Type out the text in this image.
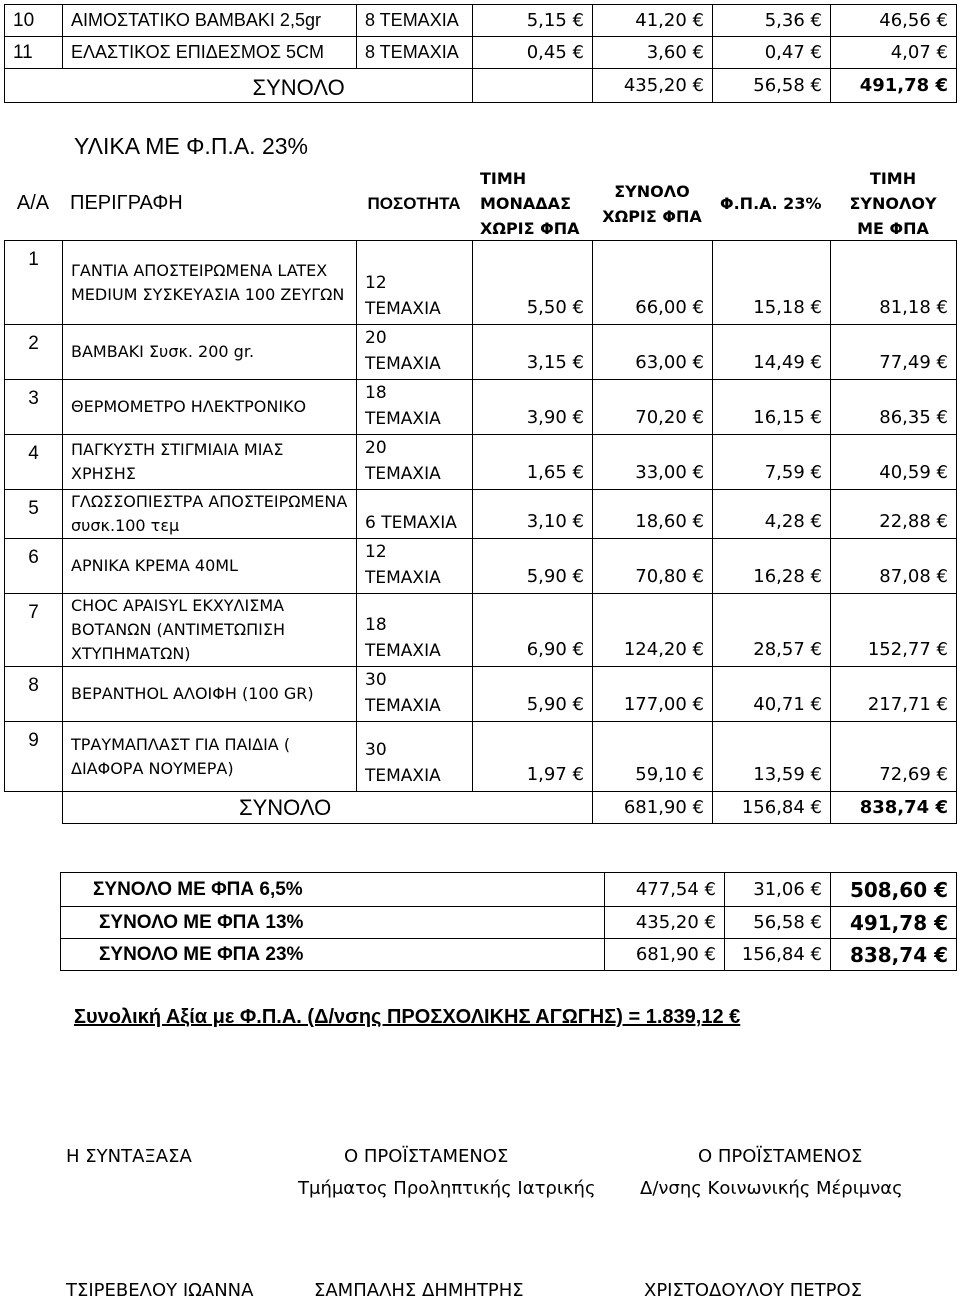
10	ΑΙΜΟΣΤΑΤΙΚΟ ΒΑΜΒΑΚΙ 2,5gr	8 ΤΕΜΑΧΙΑ	5,15 €	41,20 €	5,36 €	46,56 €
11	ΕΛΑΣΤΙΚΟΣ ΕΠΙΔΕΣΜΟΣ 5CM	8 ΤΕΜΑΧΙΑ	0,45 €	3,60 €	0,47 €	4,07 €

		ΣΥΝΟΛΟ		435,20 €	56,58 €	491,78 €
ΥΛΙΚΑ ΜΕ Φ.Π.Α. 23%
Α/Α	ΠΕΡΙΓΡΑΦΗ	ΠΟΣΟΤΗΤΑ	ΤΙΜΗ ΜΟΝΑΔΑΣ ΧΩΡΙΣ ΦΠΑ	ΣΥΝΟΛΟ ΧΩΡΙΣ ΦΠΑ	Φ.Π.Α. 23%	ΤΙΜΗ ΣΥΝΟΛΟΥ ΜΕ ΦΠΑ
1	ΓΑΝΤΙΑ ΑΠΟΣΤΕΙΡΩΜΕΝΑ LATEX MEDIUM ΣΥΣΚΕΥΑΣΙΑ 100 ΖΕΥΓΩΝ	12 ΤΕΜΑΧΙΑ	5,50 €	66,00 €	15,18 €	81,18 €
2	ΒΑΜΒΑΚΙ Συσκ. 200 gr.	20 ΤΕΜΑΧΙΑ	3,15 €	63,00 €	14,49 €	77,49 €
3	ΘΕΡΜΟΜΕΤΡΟ ΗΛΕΚΤΡΟΝΙΚΟ	18 ΤΕΜΑΧΙΑ	3,90 €	70,20 €	16,15 €	86,35 €
4	ΠΑΓΚΥΣΤΗ ΣΤΙΓΜΙΑΙΑ ΜΙΑΣ ΧΡΗΣΗΣ	20 ΤΕΜΑΧΙΑ	1,65 €	33,00 €	7,59 €	40,59 €
5	ΓΛΩΣΣΟΠΙΕΣΤΡΑ ΑΠΟΣΤΕΙΡΩΜΕΝΑ συσκ.100 τεμ	6 ΤΕΜΑΧΙΑ	3,10 €	18,60 €	4,28 €	22,88 €
6	ΑΡΝΙΚΑ ΚΡΕΜΑ 40ML	12 ΤΕΜΑΧΙΑ	5,90 €	70,80 €	16,28 €	87,08 €
7	CHOC APAISYL ΕΚΧΥΛΙΣΜΑ ΒΟΤΑΝΩΝ (ΑΝΤΙΜΕΤΩΠΙΣΗ ΧΤΥΠΗΜΑΤΩΝ)	18 ΤΕΜΑΧΙΑ	6,90 €	124,20 €	28,57 €	152,77 €
8	ΒΕΡΑΝΤHOL ΑΛΟΙΦΗ (100 GR)	30 ΤΕΜΑΧΙΑ	5,90 €	177,00 €	40,71 €	217,71 €
9	ΤΡΑΥΜΑΠΛΑΣΤ ΓΙΑ ΠΑΙΔΙΑ ( ΔΙΑΦΟΡΑ ΝΟΥΜΕΡΑ)	30 ΤΕΜΑΧΙΑ	1,97 €	59,10 €	13,59 €	72,69 €
	ΣΥΝΟΛΟ			681,90 €	156,84 €	838,74 €
ΣΥΝΟΛΟ ΜΕ ΦΠΑ 6,5%	477,54 €	31,06 €	508,60 €
ΣΥΝΟΛΟ ΜΕ ΦΠΑ 13%	435,20 €	56,58 €	491,78 €
ΣΥΝΟΛΟ ΜΕ ΦΠΑ 23%	681,90 €	156,84 €	838,74 €
Συνολική Αξία με Φ.Π.Α. (Δ/νσης ΠΡΟΣΧΟΛΙΚΗΣ ΑΓΩΓΗΣ) = 1.839,12 €
Η ΣΥΝΤΑΞΑΣΑ	Ο ΠΡΟΪΣΤΑΜΕΝΟΣ
Τμήματος Προληπτικής Ιατρικής
Ο ΠΡΟΪΣΤΑΜΕΝΟΣ
Δ/νσης Κοινωνικής Μέριμνας
ΤΣΙΡΕΒΕΛΟΥ ΙΩΑΝΝΑ	ΣΑΜΠΑΛΗΣ ΔΗΜΗΤΡΗΣ	ΧΡΙΣΤΟΔΟΥΛΟΥ ΠΕΤΡΟΣ
